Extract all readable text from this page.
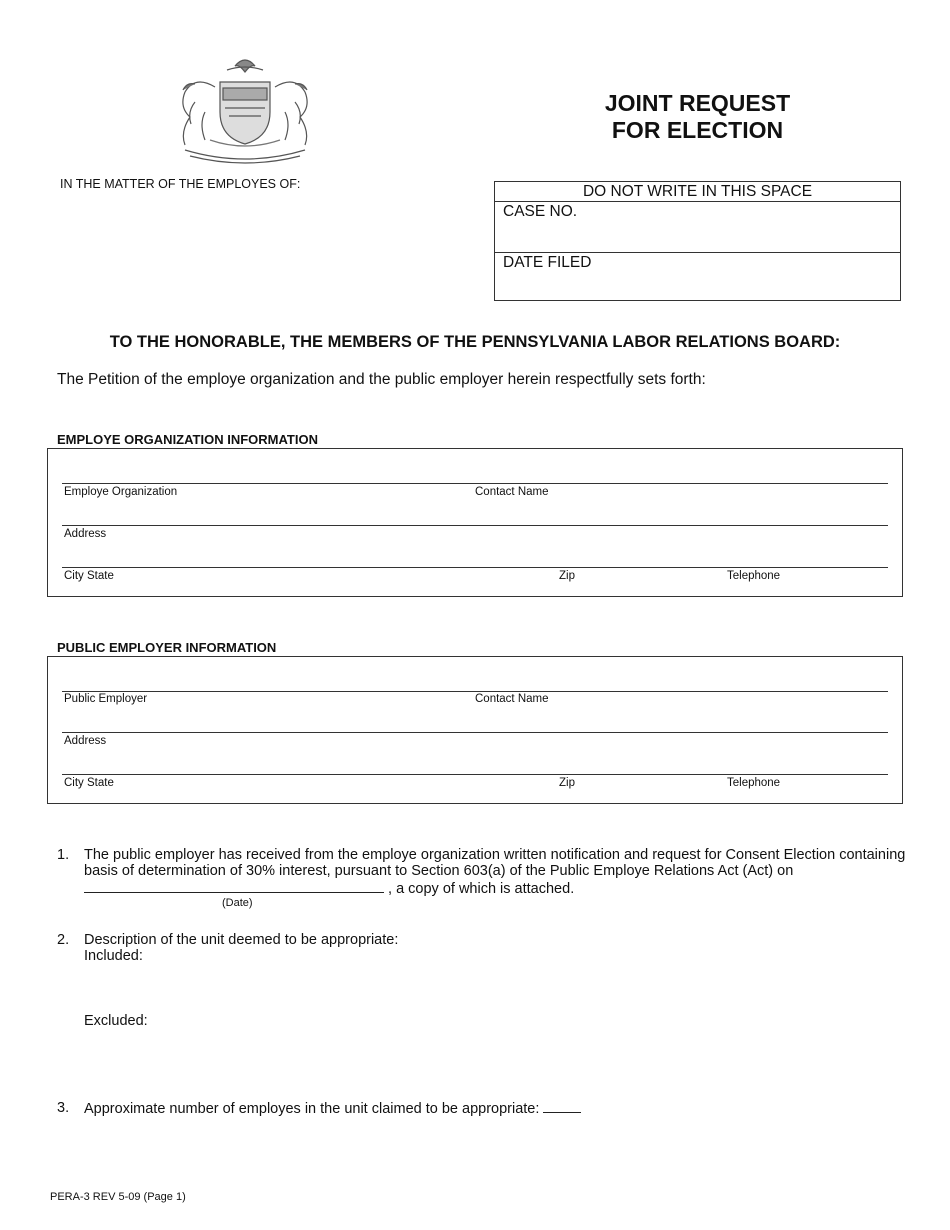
JOINT REQUEST
FOR ELECTION
IN THE MATTER OF THE EMPLOYES OF:	DO NOT WRITE IN THIS SPACE
CASE NO.
DATE FILED
TO THE HONORABLE, THE MEMBERS OF THE PENNSYLVANIA LABOR RELATIONS BOARD:
The Petition of the employe organization and the public employer herein respectfully sets forth:
EMPLOYE ORGANIZATION INFORMATION
Employe Organization	Contact Name
Address
City State	Zip	Telephone
PUBLIC EMPLOYER INFORMATION
Public Employer	Contact Name
Address
City State	Zip	Telephone
1. The public employer has received from the employe organization written notification and request for Consent Election containing
basis of determination of 30% interest, pursuant to Section 603(a) of the Public Employe Relations Act (Act) on
, a copy of which is attached.
(Date)
2. Description of the unit deemed to be appropriate:
Included:
Excluded:
3. Approximate number of employes in the unit claimed to be appropriate:
PERA-3 REV 5-09 (Page 1)
